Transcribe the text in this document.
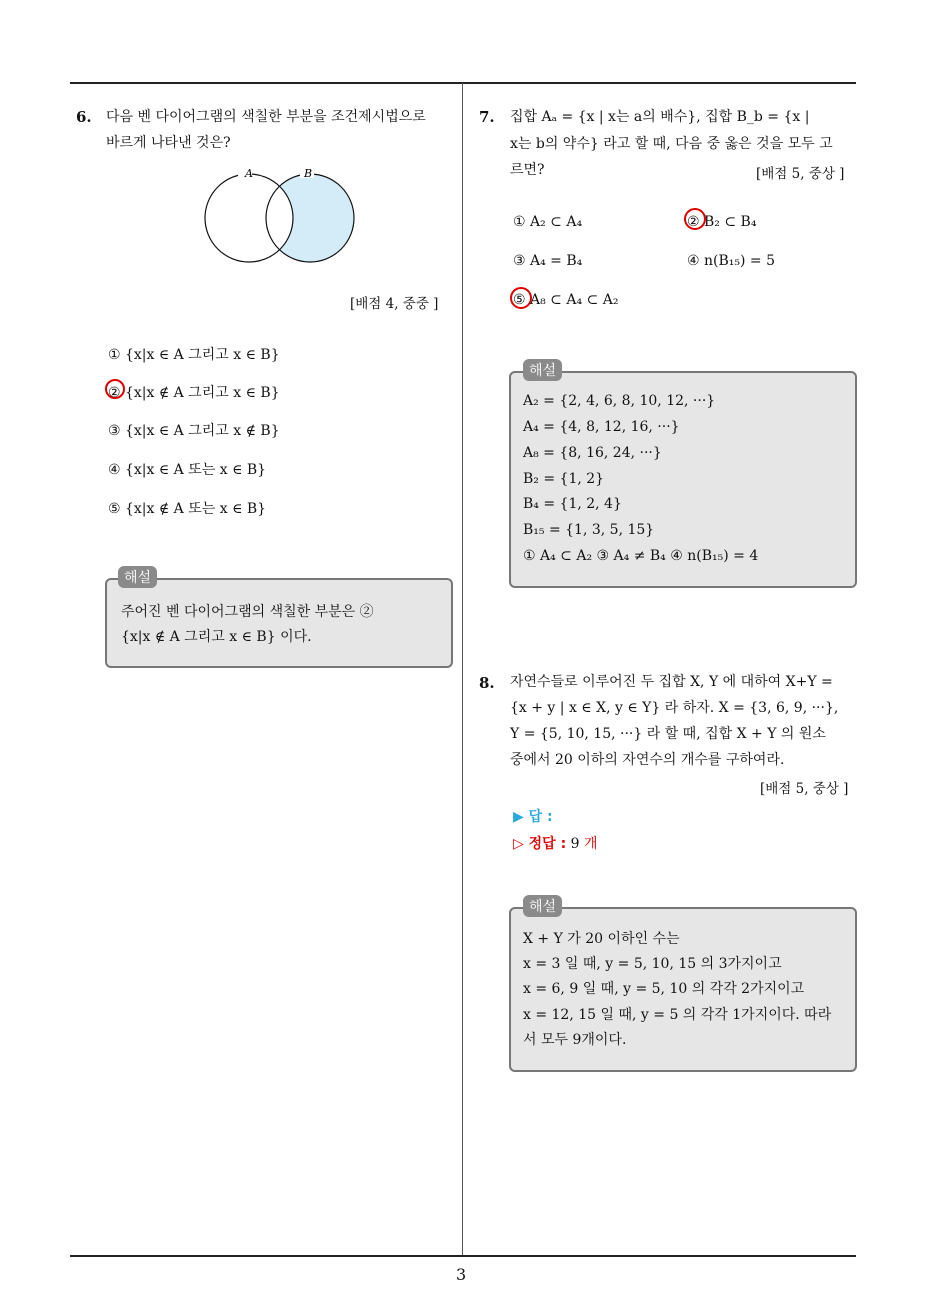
6. 다음 벤 다이어그램의 색칠한 부분을 조건제시법으로
바르게 나타낸 것은?
A	B
[배점 4, 중중 ]
① {x|x ∈ A 그리고 x ∈ B}
② {x|x ∉ A 그리고 x ∈ B}
③ {x|x ∈ A 그리고 x ∉ B}
④ {x|x ∈ A 또는 x ∈ B}
⑤ {x|x ∉ A 또는 x ∈ B}
해설
주어진 벤 다이어그램의 색칠한 부분은 ②
{x|x ∉ A 그리고 x ∈ B} 이다.
7. 집합 Aₐ = {x | x는 a의 배수}, 집합 B_b = {x |
x는 b의 약수} 라고 할 때, 다음 중 옳은 것을 모두 고
르면?	[배점 5, 중상 ]
① A₂ ⊂ A₄	② B₂ ⊂ B₄
③ A₄ = B₄	④ n(B₁₅) = 5
⑤ A₈ ⊂ A₄ ⊂ A₂
해설
A₂ = {2, 4, 6, 8, 10, 12, ···}
A₄ = {4, 8, 12, 16, ···}
A₈ = {8, 16, 24, ···}
B₂ = {1, 2}
B₄ = {1, 2, 4}
B₁₅ = {1, 3, 5, 15}
① A₄ ⊂ A₂ ③ A₄ ≠ B₄ ④ n(B₁₅) = 4
8. 자연수들로 이루어진 두 집합 X, Y 에 대하여 X+Y =
{x + y | x ∈ X, y ∈ Y} 라 하자. X = {3, 6, 9, ···},
Y = {5, 10, 15, ···} 라 할 때, 집합 X + Y 의 원소
중에서 20 이하의 자연수의 개수를 구하여라.
[배점 5, 중상 ]
▶ 답 :
▷ 정답 : 9 개
해설
X + Y 가 20 이하인 수는
x = 3 일 때, y = 5, 10, 15 의 3가지이고
x = 6, 9 일 때, y = 5, 10 의 각각 2가지이고
x = 12, 15 일 때, y = 5 의 각각 1가지이다. 따라
서 모두 9개이다.
3
